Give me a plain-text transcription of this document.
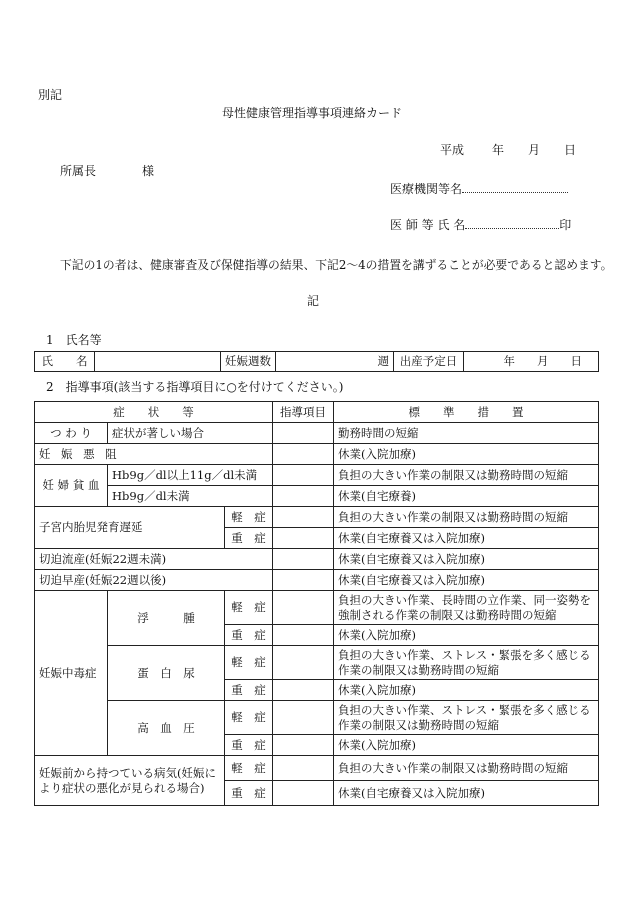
別記
母性健康管理指導事項連絡カード
平成 年 月 日
所属長	様
医療機関等名
医 師 等 氏 名	印
下記の1の者は、健康審査及び保健指導の結果、下記2～4の措置を講ずることが必要であると認めます。
記
1　氏名等
氏　　名		妊娠週数	週	出産予定日	年 月 日
2　指導事項(該当する指導項目に○を付けてください。)
症　　状　　等			指導項目	標　　準　　措　　置
つ わ り	症状が著しい場合			勤務時間の短縮
妊 娠 悪 阻				休業(入院加療)
妊 婦 貧 血	Hb9g／dl以上11g／dl未満			負担の大きい作業の制限又は勤務時間の短縮
	Hb9g／dl未満			休業(自宅療養)
子宮内胎児発育遅延		軽　症		負担の大きい作業の制限又は勤務時間の短縮
		重　症		休業(自宅療養又は入院加療)
切迫流産(妊娠22週未満)				休業(自宅療養又は入院加療)
切迫早産(妊娠22週以後)				休業(自宅療養又は入院加療)
妊娠中毒症	浮　　　腫	軽　症		負担の大きい作業、長時間の立作業、同一姿勢を強制される作業の制限又は勤務時間の短縮
		重　症		休業(入院加療)
	蛋　白　尿	軽　症		負担の大きい作業、ストレス・緊張を多く感じる作業の制限又は勤務時間の短縮
		重　症		休業(入院加療)
	高　血　圧	軽　症		負担の大きい作業、ストレス・緊張を多く感じる作業の制限又は勤務時間の短縮
		重　症		休業(入院加療)
妊娠前から持つている病気(妊娠により症状の悪化が見られる場合)		軽　症		負担の大きい作業の制限又は勤務時間の短縮
		重　症		休業(自宅療養又は入院加療)
